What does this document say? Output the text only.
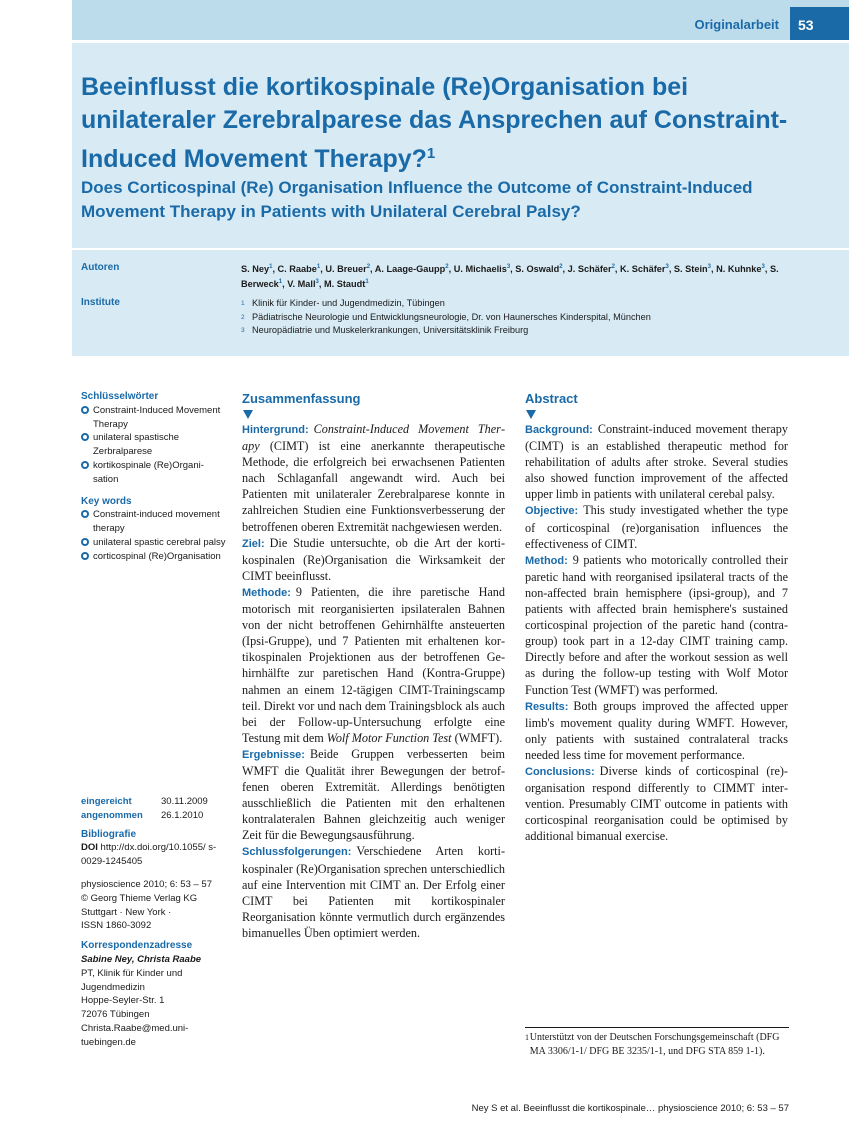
Originalarbeit 53
Beeinflusst die kortikospinale (Re)Organisation bei unilateraler Zerebralparese das Ansprechen auf Constraint-Induced Movement Therapy?$^1$
Does Corticospinal (Re) Organisation Influence the Outcome of Constraint-Induced Movement Therapy in Patients with Unilateral Cerebral Palsy?
Autoren	S. Ney$^1$, C. Raabe$^1$, U. Breuer$^2$, A. Laage-Gaupp$^2$, U. Michaelis$^3$, S. Oswald$^2$, J. Schäfer$^2$, K. Schäfer$^3$, S. Stein$^3$, N. Kuhnke$^3$, S. Berweck$^1$, V. Mall$^3$, M. Staudt$^1$
Institute	1 Klinik für Kinder- und Jugendmedizin, Tübingen
2 Pädiatrische Neurologie und Entwicklungsneurologie, Dr. von Haunersches Kinderspital, München
3 Neuropädiatrie und Muskelerkrankungen, Universitätsklinik Freiburg
Schlüsselwörter
Constraint-Induced Movement Therapy
unilateral spastische Zerbralparese
kortikospinale (Re)Organisation
Key words
Constraint-induced movement therapy
unilateral spastic cerebral palsy
corticospinal (Re)Organisation
eingereicht	30.11.2009
angenommen	26.1.2010
Bibliografie
DOI http://dx.doi.org/10.1055/ s-0029-1245405
physioscience 2010; 6: 53 – 57
© Georg Thieme Verlag KG
Stuttgart · New York ·
ISSN 1860-3092
Korrespondenzadresse
Sabine Ney, Christa Raabe
PT, Klinik für Kinder und
Jugendmedizin
Hoppe-Seyler-Str. 1
72076 Tübingen
Christa.Raabe@med.uni-
tuebingen.de
Zusammenfassung

Hintergrund: Constraint-Induced Movement Therapy (CIMT) ist eine anerkannte therapeutische Methode, die erfolgreich bei erwachsenen Patienten nach Schlaganfall angewandt wird. Auch bei Patienten mit unilateraler Zerebralparese konnte in zahlreichen Studien eine Funktionsverbesserung der betroffenen oberen Extremität nachgewiesen werden.

Ziel: Die Studie untersuchte, ob die Art der kortikospinalen (Re)Organisation die Wirksamkeit der CIMT beeinflusst.

Methode: 9 Patienten, die ihre paretische Hand motorisch mit reorganisierten ipsilateralen Bahnen von der nicht betroffenen Gehirnhälfte ansteuerten (Ipsi-Gruppe), und 7 Patienten mit erhaltenen kortikospinalen Projektionen aus der betroffenen Gehirnhälfte zur paretischen Hand (Kontra-Gruppe) nahmen an einem 12-tägigen CIMT-Trainingscamp teil. Direkt vor und nach dem Trainingsblock als auch bei der Follow-up-Untersuchung erfolgte eine Testung mit dem Wolf Motor Function Test (WMFT).

Ergebnisse: Beide Gruppen verbesserten beim WMFT die Qualität ihrer Bewegungen der betroffenen oberen Extremität. Allerdings benötigten ausschließlich die Patienten mit den erhaltenen kontralateralen Bahnen gleichzeitig auch weniger Zeit für die Bewegungsausführung.

Schlussfolgerungen: Verschiedene Arten kortikospinaler (Re)Organisation sprechen unterschiedlich auf eine Intervention mit CIMT an. Der Erfolg einer CIMT bei Patienten mit kortikospinaler Reorganisation könnte vermutlich durch ergänzendes bimanuelles Üben optimiert werden.

Abstract

Background: Constraint-induced movement therapy (CIMT) is an established therapeutic method for rehabilitation of adults after stroke. Several studies also showed function improvement of the affected upper limb in patients with unilateral cerebal palsy.

Objective: This study investigated whether the type of corticospinal (re)organisation influences the effectiveness of CIMT.

Method: 9 patients who motorically controlled their paretic hand with reorganised ipsilateral tracts of the non-affected brain hemisphere (ipsi-group), and 7 patients with affected brain hemisphere's sustained corticospinal projection of the paretic hand (contra-group) took part in a 12-day CIMT training camp. Directly before and after the workout session as well as during the follow-up testing with Wolf Motor Function Test (WMFT) was performed.

Results: Both groups improved the affected upper limb's movement quality during WMFT. However, only patients with sustained contralateral tracks needed less time for movement performance.

Conclusions: Diverse kinds of corticospinal (re)-organisation respond differently to CIMMT intervention. Presumably CIMT outcome in patients with corticospinal reorganisation could be optimised by additional bimanual exercise.

1 Unterstützt von der Deutschen Forschungsgemeinschaft (DFG MA 3306/1-1/ DFG BE 3235/1-1, und DFG STA 859 1-1).
Ney S et al. Beeinflusst die kortikospinale… physioscience 2010; 6: 53 – 57
